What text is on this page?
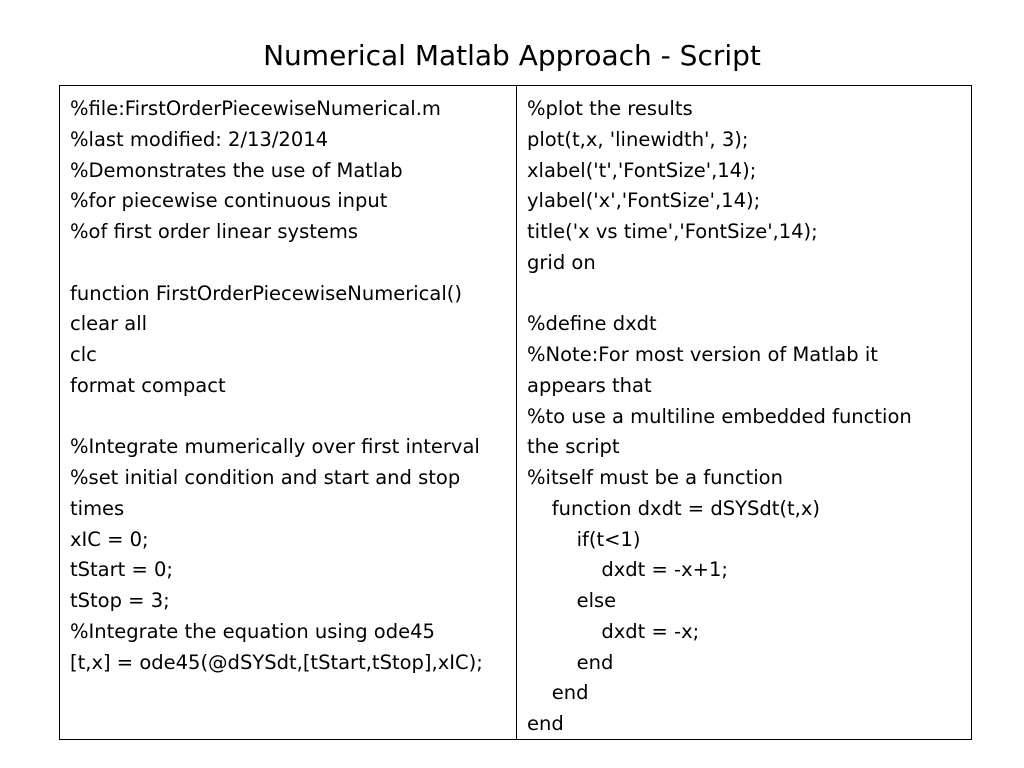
Numerical Matlab Approach - Script
%file:FirstOrderPiecewiseNumerical.m
%last modified: 2/13/2014
%Demonstrates the use of Matlab
%for piecewise continuous input
%of first order linear systems

function FirstOrderPiecewiseNumerical()
clear all
clc
format compact

%Integrate mumerically over first interval
%set initial condition and start and stop
times
xIC = 0;
tStart = 0;
tStop = 3;
%Integrate the equation using ode45
[t,x] = ode45(@dSYSdt,[tStart,tStop],xIC);
%plot the results
plot(t,x, 'linewidth', 3);
xlabel('t','FontSize',14);
ylabel('x','FontSize',14);
title('x vs time','FontSize',14);
grid on

%define dxdt
%Note:For most version of Matlab it
appears that
%to use a multiline embedded function
the script
%itself must be a function
function dxdt = dSYSdt(t,x)
if(t<1)
dxdt = -x+1;
else
dxdt = -x;
end
end
end
